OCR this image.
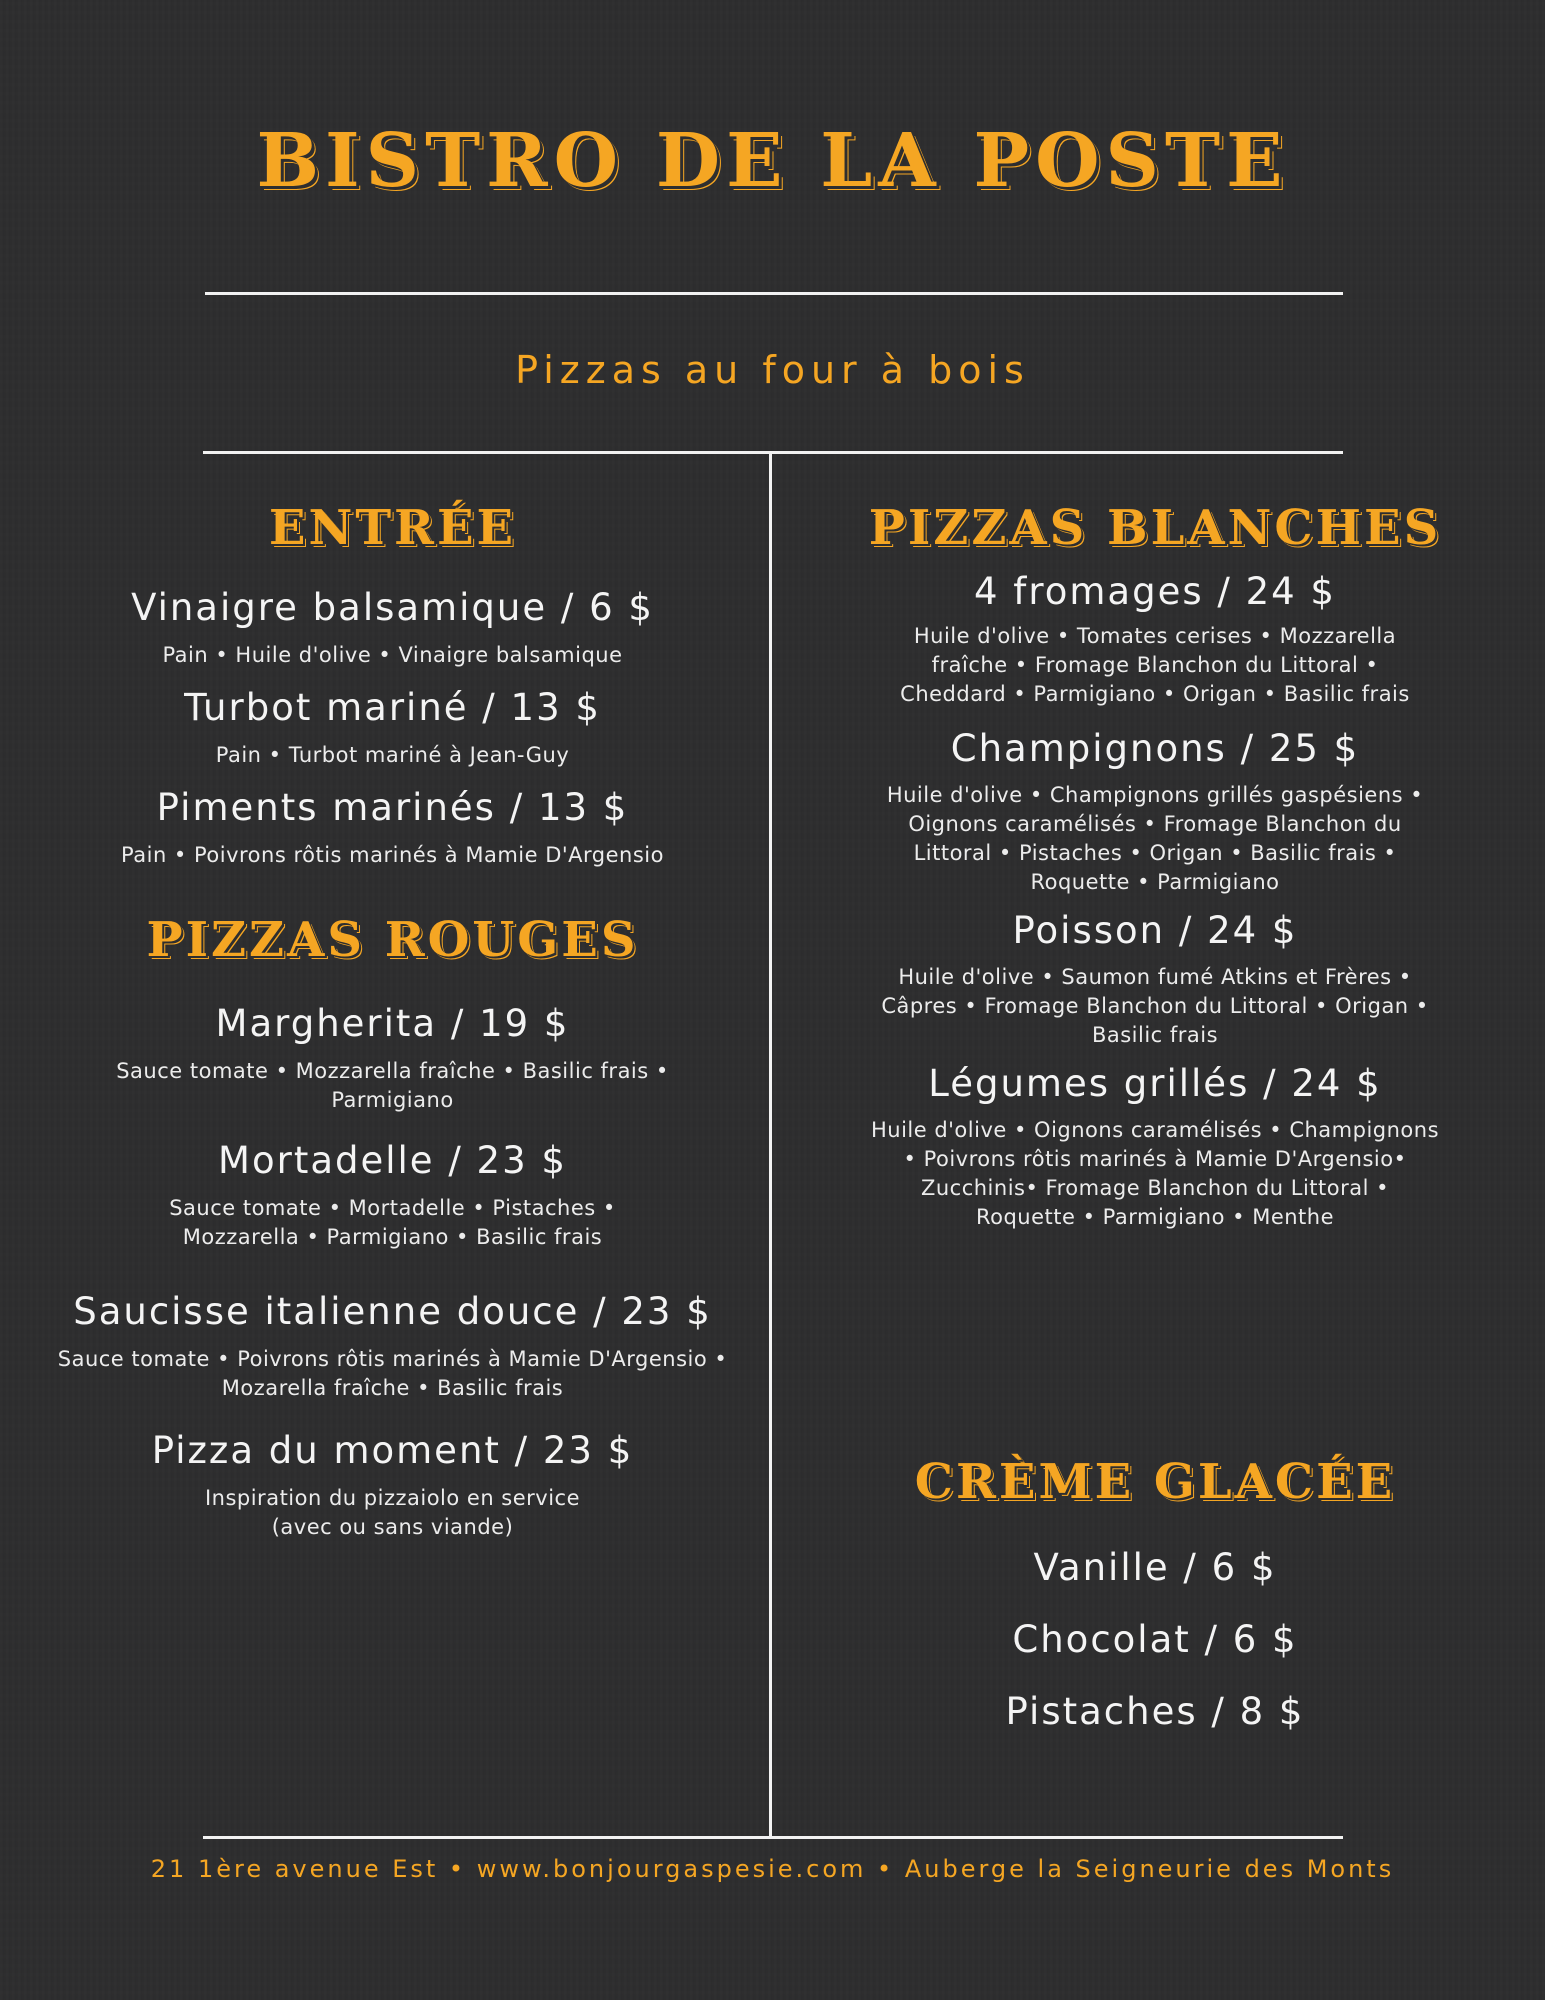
BISTRO DE LA POSTE
Pizzas au four à bois
ENTRÉE
Vinaigre balsamique / 6 $
Pain • Huile d'olive • Vinaigre balsamique
Turbot mariné / 13 $
Pain • Turbot mariné à Jean-Guy
Piments marinés / 13 $
Pain • Poivrons rôtis marinés à Mamie D'Argensio
PIZZAS ROUGES
Margherita / 19 $
Sauce tomate • Mozzarella fraîche • Basilic frais •
Parmigiano
Mortadelle / 23 $
Sauce tomate • Mortadelle • Pistaches •
Mozzarella • Parmigiano • Basilic frais
Saucisse italienne douce / 23 $
Sauce tomate • Poivrons rôtis marinés à Mamie D'Argensio •
Mozarella fraîche • Basilic frais
Pizza du moment / 23 $
Inspiration du pizzaiolo en service
(avec ou sans viande)
PIZZAS BLANCHES
4 fromages / 24 $
Huile d'olive • Tomates cerises • Mozzarella
fraîche • Fromage Blanchon du Littoral •
Cheddard • Parmigiano • Origan • Basilic frais
Champignons / 25 $
Huile d'olive • Champignons grillés gaspésiens •
Oignons caramélisés • Fromage Blanchon du
Littoral • Pistaches • Origan • Basilic frais •
Roquette • Parmigiano
Poisson / 24 $
Huile d'olive • Saumon fumé Atkins et Frères •
Câpres • Fromage Blanchon du Littoral • Origan •
Basilic frais
Légumes grillés / 24 $
Huile d'olive • Oignons caramélisés • Champignons
• Poivrons rôtis marinés à Mamie D'Argensio•
Zucchinis• Fromage Blanchon du Littoral •
Roquette • Parmigiano • Menthe
CRÈME GLACÉE
Vanille / 6 $
Chocolat / 6 $
Pistaches / 8 $
21 1ère avenue Est • www.bonjourgaspesie.com • Auberge la Seigneurie des Monts
